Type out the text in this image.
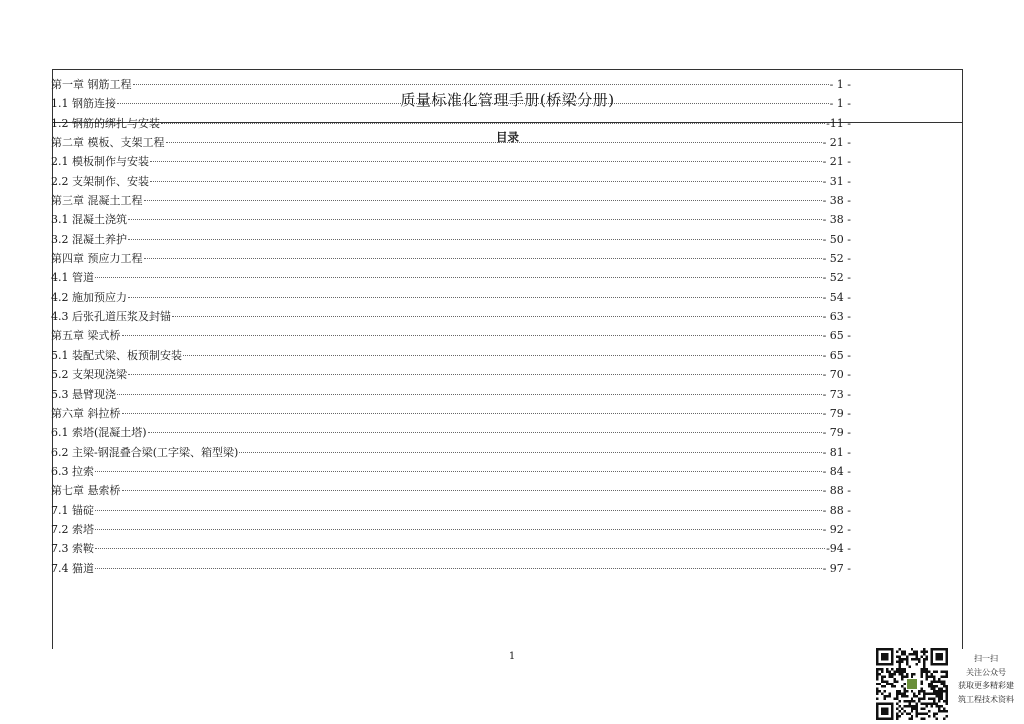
质量标准化管理手册(桥梁分册)
目录
第一章 钢筋工程	- 1 -
1.1 钢筋连接	- 1 -
1.2 钢筋的绑扎与安装	-11 -
第二章 模板、支架工程	- 21 -
2.1 模板制作与安装	- 21 -
2.2 支架制作、安装	- 31 -
第三章 混凝土工程	- 38 -
3.1 混凝土浇筑	- 38 -
3.2 混凝土养护	- 50 -
第四章 预应力工程	- 52 -
4.1 管道	- 52 -
4.2 施加预应力	- 54 -
4.3 后张孔道压浆及封锚	- 63 -
第五章 梁式桥	- 65 -
5.1 装配式梁、板预制安装	- 65 -
5.2 支架现浇梁	- 70 -
5.3 悬臂现浇	- 73 -
第六章 斜拉桥	- 79 -
6.1 索塔(混凝土塔)	- 79 -
6.2 主梁-钢混叠合梁(工字梁、箱型梁)	- 81 -
6.3 拉索	- 84 -
第七章 悬索桥	- 88 -
7.1 锚碇	- 88 -
7.2 索塔	- 92 -
7.3 索鞍	-94 -
7.4 猫道	- 97 -
1	扫一扫
关注公众号
获取更多精彩建
筑工程技术资料
